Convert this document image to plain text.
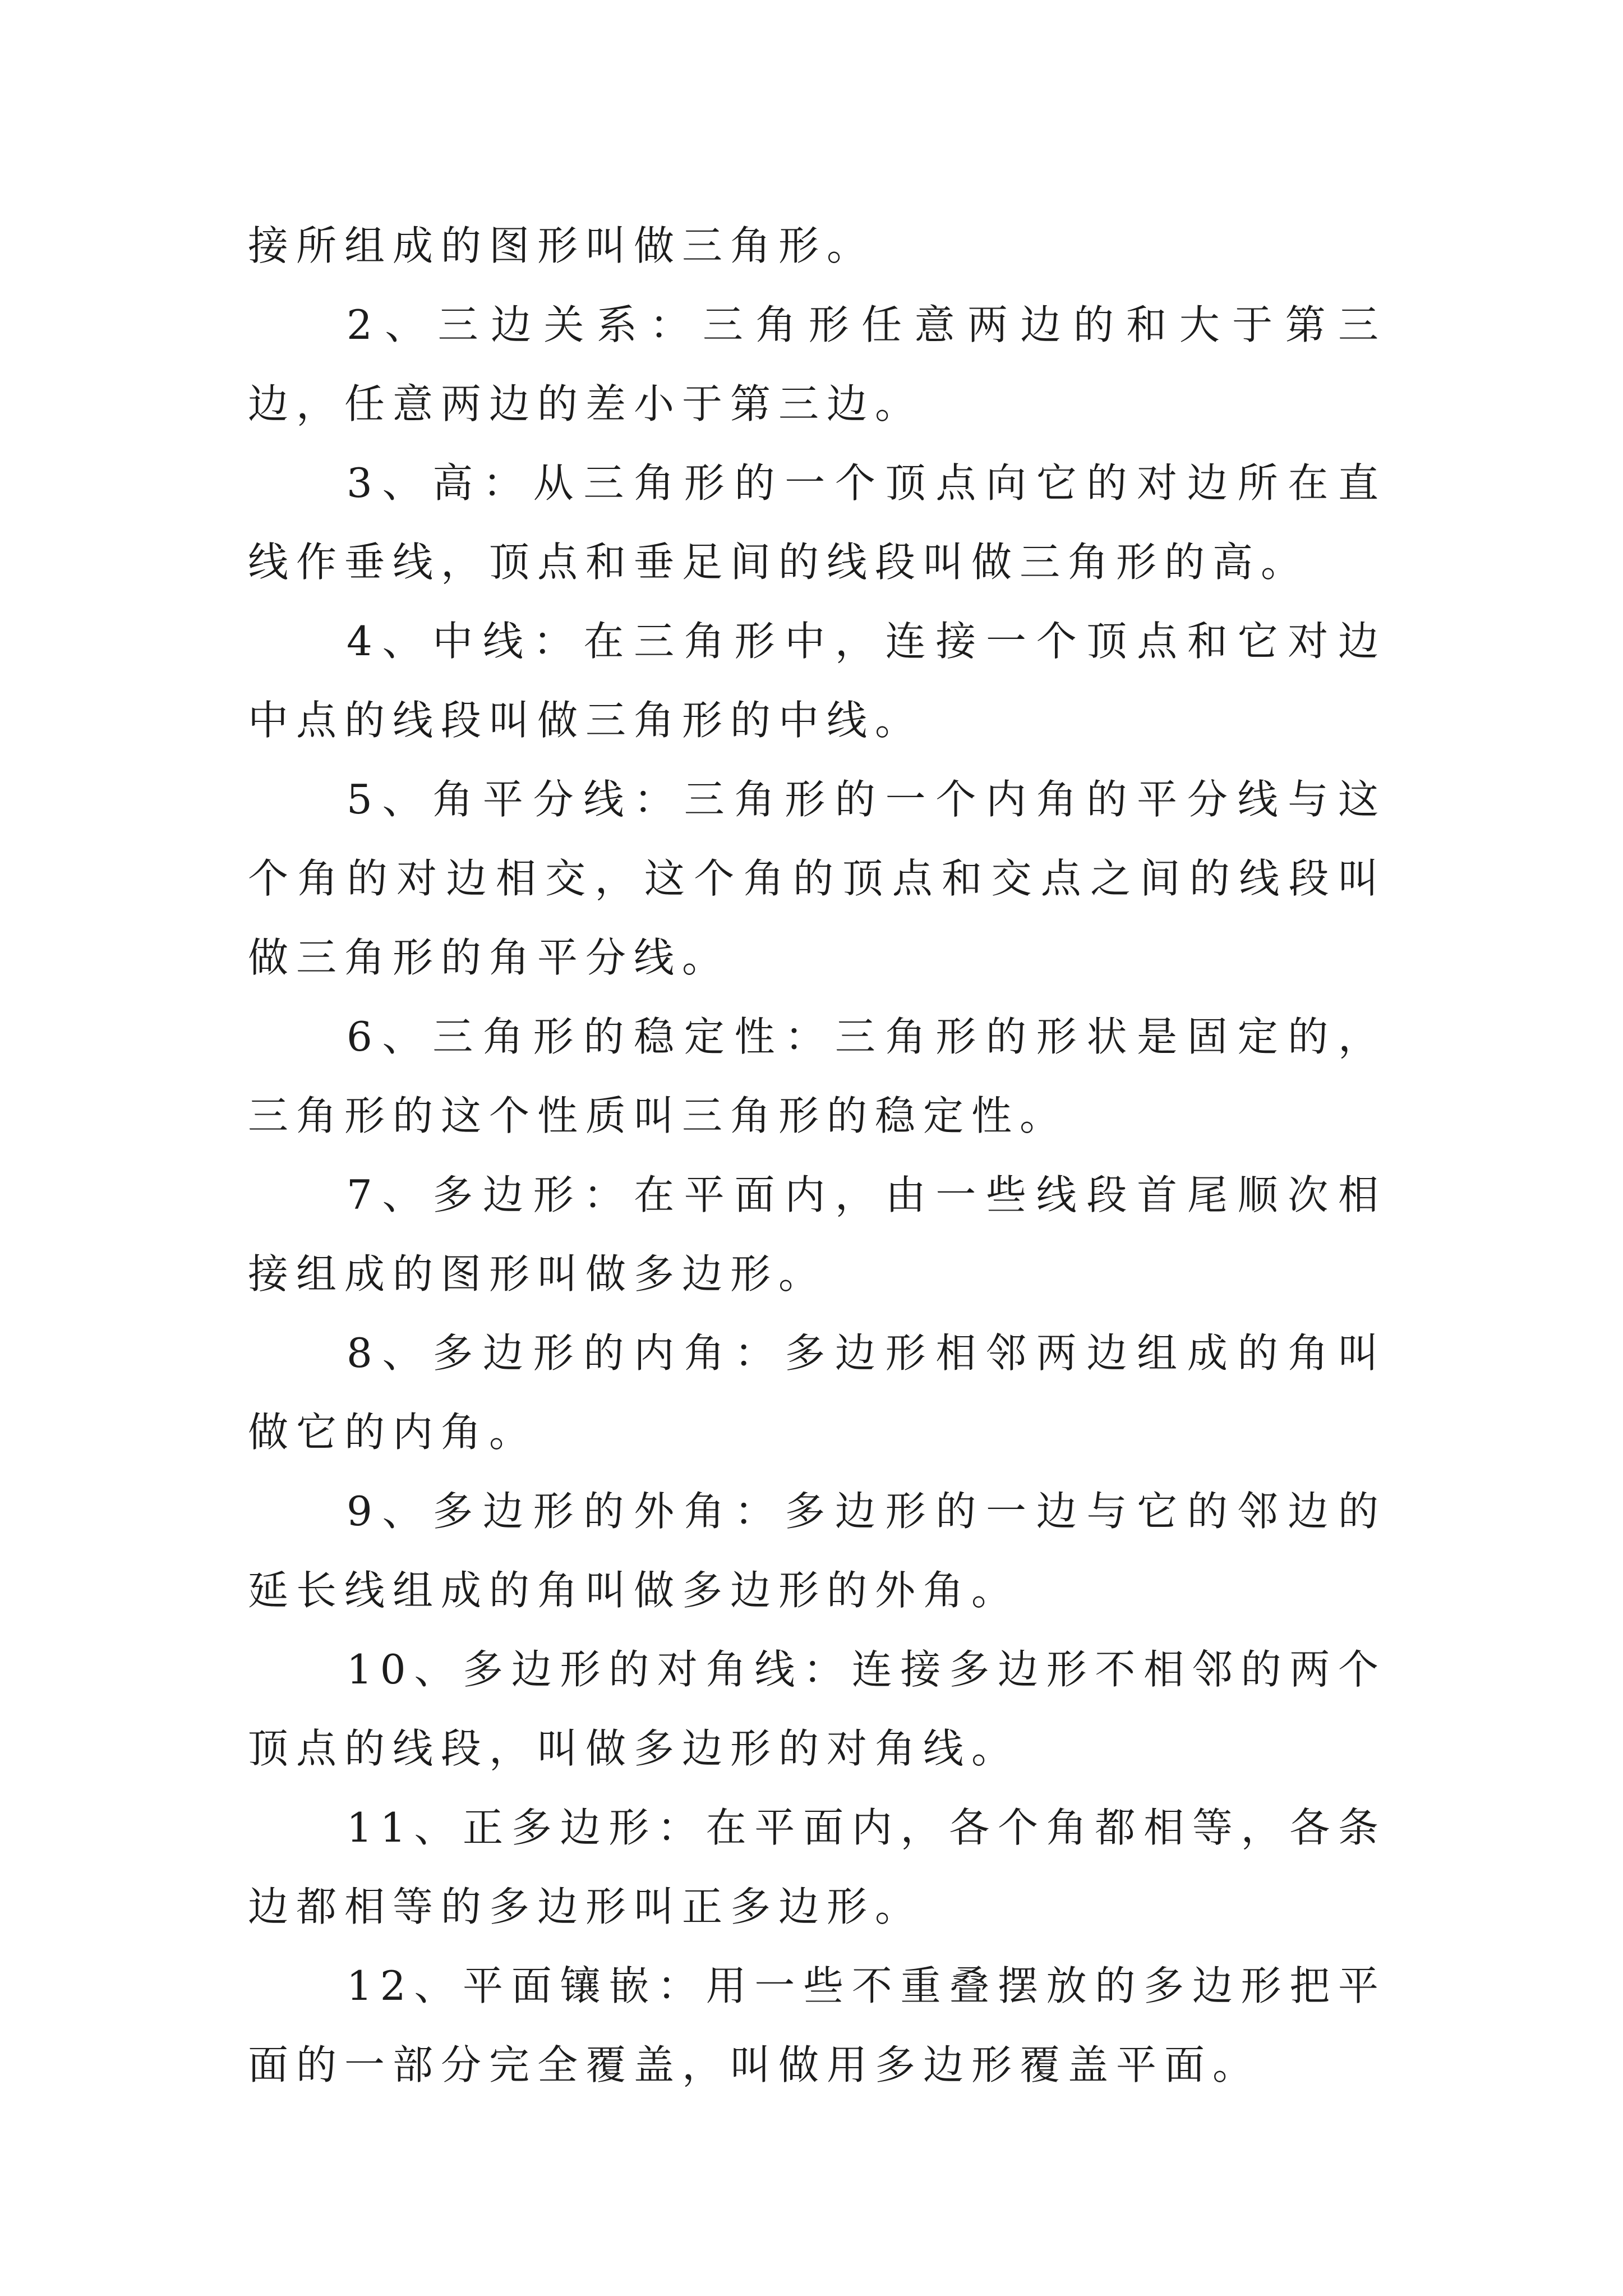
接所组成的图形叫做三角形。

2、三边关系：三角形任意两边的和大于第三边，任意两边的差小于第三边。

3、高：从三角形的一个顶点向它的对边所在直线作垂线，顶点和垂足间的线段叫做三角形的高。

4、中线：在三角形中，连接一个顶点和它对边中点的线段叫做三角形的中线。

5、角平分线：三角形的一个内角的平分线与这个角的对边相交，这个角的顶点和交点之间的线段叫做三角形的角平分线。

6、三角形的稳定性：三角形的形状是固定的，三角形的这个性质叫三角形的稳定性。

7、多边形：在平面内，由一些线段首尾顺次相接组成的图形叫做多边形。

8、多边形的内角：多边形相邻两边组成的角叫做它的内角。

9、多边形的外角：多边形的一边与它的邻边的延长线组成的角叫做多边形的外角。

10、多边形的对角线：连接多边形不相邻的两个顶点的线段，叫做多边形的对角线。

11、正多边形：在平面内，各个角都相等，各条边都相等的多边形叫正多边形。

12、平面镶嵌：用一些不重叠摆放的多边形把平面的一部分完全覆盖，叫做用多边形覆盖平面。
